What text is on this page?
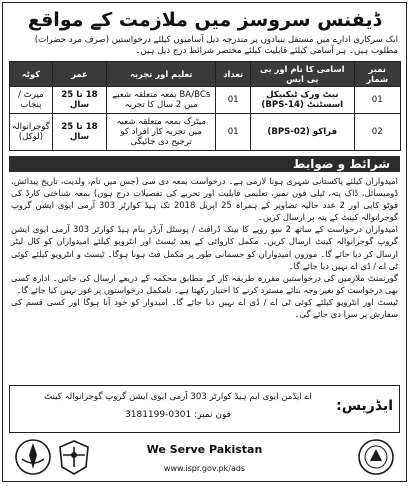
ڈیفنس سروسز میں ملازمت کے مواقع
ایک سرکاری ادارے میں مستقل بنیادوں پر مندرجہ ذیل آسامیوں کیلئے درخواستیں (صرف مرد حضرات) مطلوب ہیں۔ ہر آسامی کیلئے قابلیت کیلئے مختصر شرائط درج ذیل ہیں۔
نمبر شمار	اسامی کا نام اور بی پی ایس	تعداد	تعلیم اور تجربہ	عمر	کوٹہ
01	نیٹ ورک ٹیکنیکل اسسٹنٹ (BPS-14)	01	BA/BCs بمعہ متعلقہ شعبے میں 2 سال کا تجربہ	18 تا 25 سال	میرٹ / پنجاب
02	فراکو (BPS-02)	01	میٹرک بمعہ متعلقہ شعبہ میں تجربہ کار افراد کو ترجیح دی جائیگی	18 تا 25 سال	گوجرانوالہ (لوکل)
شرائط و ضوابط

امیدواران کیلئے پاکستانی شہری ہونا لازمی ہے۔ درخواست بمعہ دی سی (جس میں نام، ولدیت، تاریخ پیدائش، ڈومیسائل، ڈاک پتہ، ٹیلی فون نمبر، تعلیمی قابلیت اور تجربے کی تفصیلات درج ہوں) بمعہ شناختی کارڈ کی فوٹو کاپی اور 2 عدد حالیہ تصاویر کے ہمراہ 25 اپریل 2018 تک ہیڈ کوارٹر 303 آرمی ایوی ایشن گروپ گوجرانوالہ کینٹ کے پتہ پر ارسال کریں۔

امیدواران درخواست کے ساتھ 2 سو روپے کا بینک ڈرافٹ / پوسٹل آرڈر بنام ہیڈ کوارٹر 303 آرمی ایوی ایشن گروپ گوجرانوالہ کینٹ ارسال کریں۔ مکمل کاروائی کے بعد ٹیسٹ اور انٹرویو کیلئے امیدواران کو کال لیٹر ارسال کر دیا جائے گا۔ موزوں امیدواران کو جسمانی طور پر مکمل فٹ ہونا ہوگا۔ ٹیسٹ و انٹرویو کیلئے کوئی ٹی اے / ڈی اے نہیں دیا جائے گا۔

گورنمنٹ ملازمین کی درخواستیں مقررہ طریقہ کار کے مطابق محکمہ کے ذریعے ارسال کی جائیں۔ ادارہ کسی بھی درخواست کو بغیر وجہ بتائے مسترد کرنے کا اختیار رکھتا ہے۔ نامکمل درخواستوں پر غور نہیں کیا جائے گا۔

ٹیسٹ اور انٹرویو کیلئے کوئی ٹی اے / ڈی اے نہیں دیا جائے گا۔ امیدوار کو خود آنا ہوگا اور کسی قسم کی سفارش پر سزا دی جائے گی۔

ایڈریس:
اے ایڈمن ایوی ایم ہیڈ کوارٹر 303 آرمی ایوی ایشن گروپ گوجرانوالہ کینٹ
فون نمبر: 0301-3181199
We Serve Pakistan
www.ispr.gov.pk/ads
